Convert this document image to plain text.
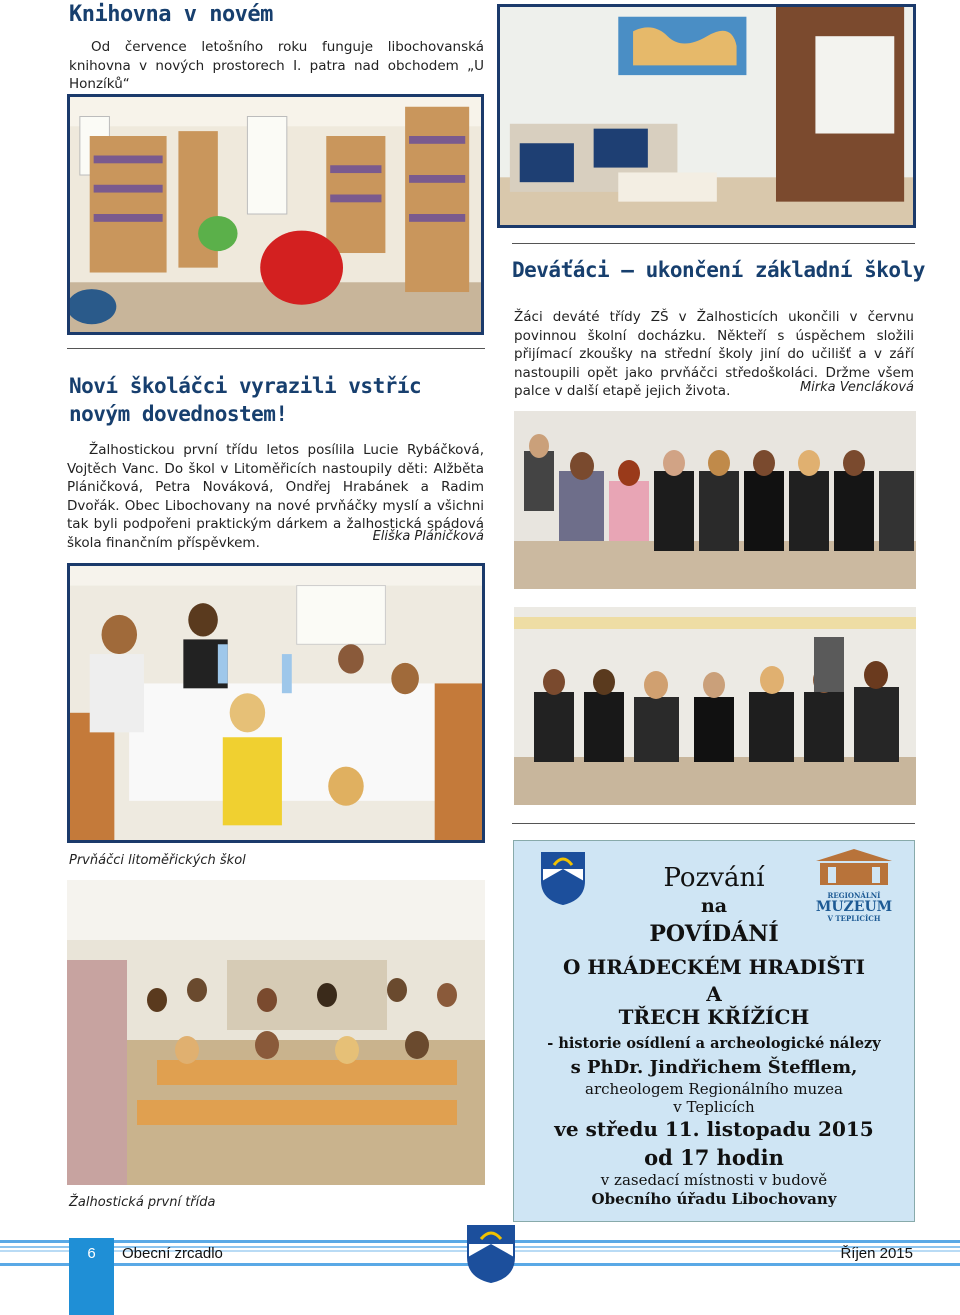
Knihovna v novém
Od července letošního roku funguje libochovanská knihovna v nových prostorech I. patra nad obchodem „U Honzíků“
Deváťáci – ukončení základní školy
Žáci deváté třídy ZŠ v Žalhosticích ukončili v červnu povinnou školní docházku. Někteří s úspěchem složili přijímací zkoušky na střední školy jiní do učilišť a v září nastoupili opět jako prvňáčci středoškoláci. Držme všem palce v další etapě jejich života.	Mirka Vencláková
Noví školáčci vyrazili vstříc novým dovednostem!
Žalhostickou první třídu letos posílila Lucie Rybáčková, Vojtěch Vanc. Do škol v Litoměřicích nastoupily děti: Alžběta Pláničková, Petra Nováková, Ondřej Hrabánek a Radim Dvořák. Obec Libochovany na nové prvňáčky myslí a všichni tak byli podpořeni praktickým dárkem a žalhostická spádová škola finančním příspěvkem.	Eliška Pláničková
Prvňáčci litoměřických škol
Žalhostická první třída
REGIONÁLNÍ
MUZEUM
V TEPLICÍCH
Pozvání
na
POVÍDÁNÍ
O HRÁDECKÉM HRADIŠTI
A
TŘECH KŘÍŽÍCH
- historie osídlení a archeologické nálezy
s PhDr. Jindřichem Štefflem,
archeologem Regionálního muzea
v Teplicích
ve středu 11. listopadu 2015
od 17 hodin
v zasedací místnosti v budově
Obecního úřadu Libochovany
6	Obecní zrcadlo	Říjen 2015
